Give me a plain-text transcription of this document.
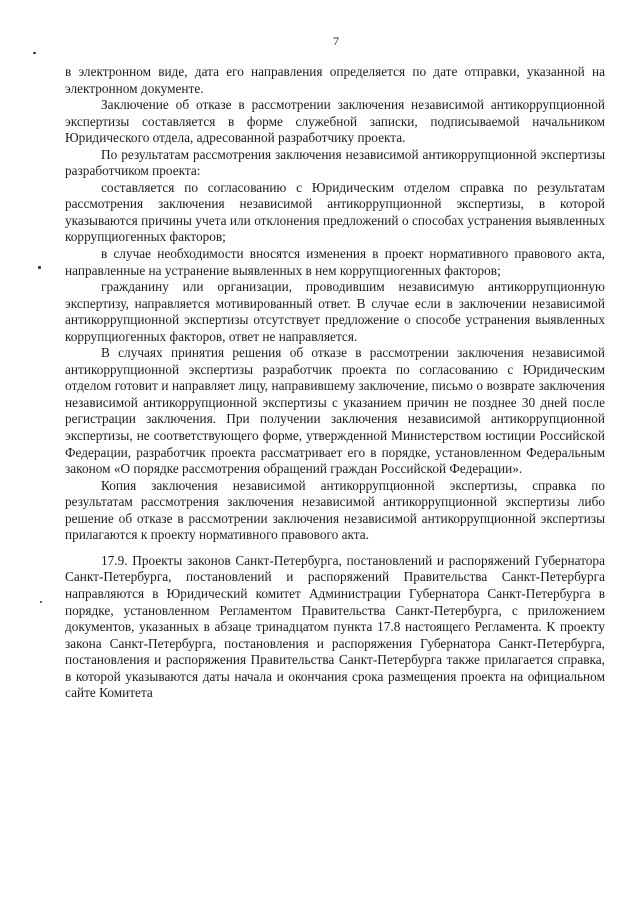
7

в электронном виде, дата его направления определяется по дате отправки, указанной на электронном документе.

Заключение об отказе в рассмотрении заключения независимой антикоррупционной экспертизы составляется в форме служебной записки, подписываемой начальником Юридического отдела, адресованной разработчику проекта.

По результатам рассмотрения заключения независимой антикоррупционной экспертизы разработчиком проекта:

составляется по согласованию с Юридическим отделом справка по результатам рассмотрения заключения независимой антикоррупционной экспертизы, в которой указываются причины учета или отклонения предложений о способах устранения выявленных коррупциогенных факторов;

в случае необходимости вносятся изменения в проект нормативного правового акта, направленные на устранение выявленных в нем коррупциогенных факторов;

гражданину или организации, проводившим независимую антикоррупционную экспертизу, направляется мотивированный ответ. В случае если в заключении независимой антикоррупционной экспертизы отсутствует предложение о способе устранения выявленных коррупциогенных факторов, ответ не направляется.

В случаях принятия решения об отказе в рассмотрении заключения независимой антикоррупционной экспертизы разработчик проекта по согласованию с Юридическим отделом готовит и направляет лицу, направившему заключение, письмо о возврате заключения независимой антикоррупционной экспертизы с указанием причин не позднее 30 дней после регистрации заключения. При получении заключения независимой антикоррупционной экспертизы, не соответствующего форме, утвержденной Министерством юстиции Российской Федерации, разработчик проекта рассматривает его в порядке, установленном Федеральным законом «О порядке рассмотрения обращений граждан Российской Федерации».

Копия заключения независимой антикоррупционной экспертизы, справка по результатам рассмотрения заключения независимой антикоррупционной экспертизы либо решение об отказе в рассмотрении заключения независимой антикоррупционной экспертизы прилагаются к проекту нормативного правового акта.

17.9. Проекты законов Санкт-Петербурга, постановлений и распоряжений Губернатора Санкт-Петербурга, постановлений и распоряжений Правительства Санкт-Петербурга направляются в Юридический комитет Администрации Губернатора Санкт-Петербурга в порядке, установленном Регламентом Правительства Санкт-Петербурга, с приложением документов, указанных в абзаце тринадцатом пункта 17.8 настоящего Регламента. К проекту закона Санкт-Петербурга, постановления и распоряжения Губернатора Санкт-Петербурга, постановления и распоряжения Правительства Санкт-Петербурга также прилагается справка, в которой указываются даты начала и окончания срока размещения проекта на официальном сайте Комитета
